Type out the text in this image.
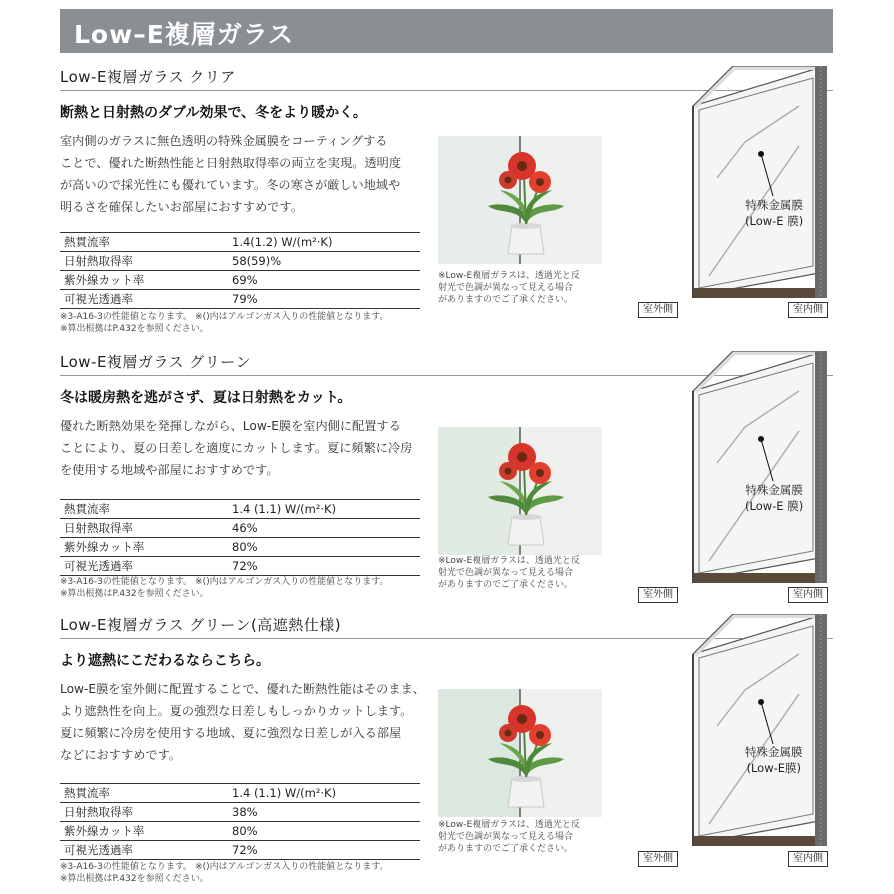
Low–E複層ガラス
Low-E複層ガラス クリア
断熱と日射熱のダブル効果で、冬をより暖かく。
室内側のガラスに無色透明の特殊金属膜をコーティングする
ことで、優れた断熱性能と日射熱取得率の両立を実現。透明度
が高いので採光性にも優れています。冬の寒さが厳しい地域や
明るさを確保したいお部屋におすすめです。
熱貫流率	1.4(1.2) W/(m²·K)
日射熱取得率	58(59)%
紫外線カット率	69%
可視光透過率	79%
※3-A16-3の性能値となります。 ※()内はアルゴンガス入りの性能値となります。
※算出根拠はP.432を参照ください。
※Low-E複層ガラスは、透過光と反
射光で色調が異なって見える場合
がありますのでご了承ください。
特殊金属膜
(Low-E 膜)
室外側	室内側
Low-E複層ガラス グリーン
冬は暖房熱を逃がさず、夏は日射熱をカット。
優れた断熱効果を発揮しながら、Low-E膜を室内側に配置する
ことにより、夏の日差しを適度にカットします。夏に頻繁に冷房
を使用する地域や部屋におすすめです。
熱貫流率	1.4 (1.1) W/(m²·K)
日射熱取得率	46%
紫外線カット率	80%
可視光透過率	72%
※3-A16-3の性能値となります。 ※()内はアルゴンガス入りの性能値となります。
※算出根拠はP.432を参照ください。
※Low-E複層ガラスは、透過光と反
射光で色調が異なって見える場合
がありますのでご了承ください。
特殊金属膜
(Low-E 膜)
室外側	室内側
Low-E複層ガラス グリーン(高遮熱仕様)
より遮熱にこだわるならこちら。
Low-E膜を室外側に配置することで、優れた断熱性能はそのまま、
より遮熱性を向上。夏の強烈な日差しもしっかりカットします。
夏に頻繁に冷房を使用する地域、夏に強烈な日差しが入る部屋
などにおすすめです。
熱貫流率	1.4 (1.1) W/(m²·K)
日射熱取得率	38%
紫外線カット率	80%
可視光透過率	72%
※3-A16-3の性能値となります。 ※()内はアルゴンガス入りの性能値となります。
※算出根拠はP.432を参照ください。
※Low-E複層ガラスは、透過光と反
射光で色調が異なって見える場合
がありますのでご了承ください。
特殊金属膜
(Low-E膜)
室外側	室内側
